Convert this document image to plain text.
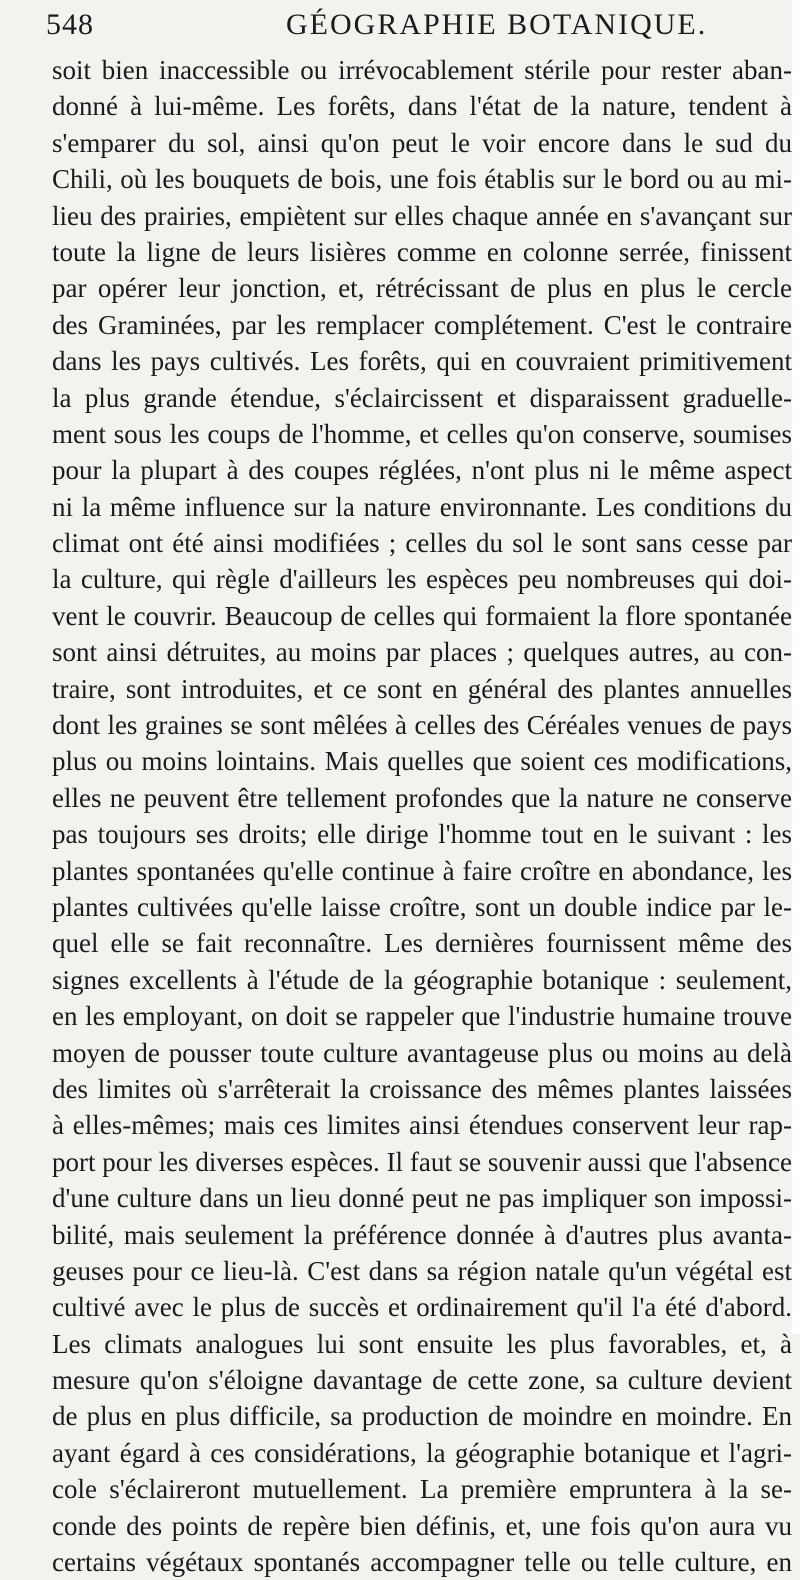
548	GÉOGRAPHIE BOTANIQUE.
soit bien inaccessible ou irrévocablement stérile pour rester aban-
donné à lui-même. Les forêts, dans l'état de la nature, tendent à
s'emparer du sol, ainsi qu'on peut le voir encore dans le sud du
Chili, où les bouquets de bois, une fois établis sur le bord ou au mi-
lieu des prairies, empiètent sur elles chaque année en s'avançant sur
toute la ligne de leurs lisières comme en colonne serrée, finissent
par opérer leur jonction, et, rétrécissant de plus en plus le cercle
des Graminées, par les remplacer complétement. C'est le contraire
dans les pays cultivés. Les forêts, qui en couvraient primitivement
la plus grande étendue, s'éclaircissent et disparaissent graduelle-
ment sous les coups de l'homme, et celles qu'on conserve, soumises
pour la plupart à des coupes réglées, n'ont plus ni le même aspect
ni la même influence sur la nature environnante. Les conditions du
climat ont été ainsi modifiées ; celles du sol le sont sans cesse par
la culture, qui règle d'ailleurs les espèces peu nombreuses qui doi-
vent le couvrir. Beaucoup de celles qui formaient la flore spontanée
sont ainsi détruites, au moins par places ; quelques autres, au con-
traire, sont introduites, et ce sont en général des plantes annuelles
dont les graines se sont mêlées à celles des Céréales venues de pays
plus ou moins lointains. Mais quelles que soient ces modifications,
elles ne peuvent être tellement profondes que la nature ne conserve
pas toujours ses droits; elle dirige l'homme tout en le suivant : les
plantes spontanées qu'elle continue à faire croître en abondance, les
plantes cultivées qu'elle laisse croître, sont un double indice par le-
quel elle se fait reconnaître. Les dernières fournissent même des
signes excellents à l'étude de la géographie botanique : seulement,
en les employant, on doit se rappeler que l'industrie humaine trouve
moyen de pousser toute culture avantageuse plus ou moins au delà
des limites où s'arrêterait la croissance des mêmes plantes laissées
à elles-mêmes; mais ces limites ainsi étendues conservent leur rap-
port pour les diverses espèces. Il faut se souvenir aussi que l'absence
d'une culture dans un lieu donné peut ne pas impliquer son impossi-
bilité, mais seulement la préférence donnée à d'autres plus avanta-
geuses pour ce lieu-là. C'est dans sa région natale qu'un végétal est
cultivé avec le plus de succès et ordinairement qu'il l'a été d'abord.
Les climats analogues lui sont ensuite les plus favorables, et, à
mesure qu'on s'éloigne davantage de cette zone, sa culture devient
de plus en plus difficile, sa production de moindre en moindre. En
ayant égard à ces considérations, la géographie botanique et l'agri-
cole s'éclaireront mutuellement. La première empruntera à la se-
conde des points de repère bien définis, et, une fois qu'on aura vu
certains végétaux spontanés accompagner telle ou telle culture, en
